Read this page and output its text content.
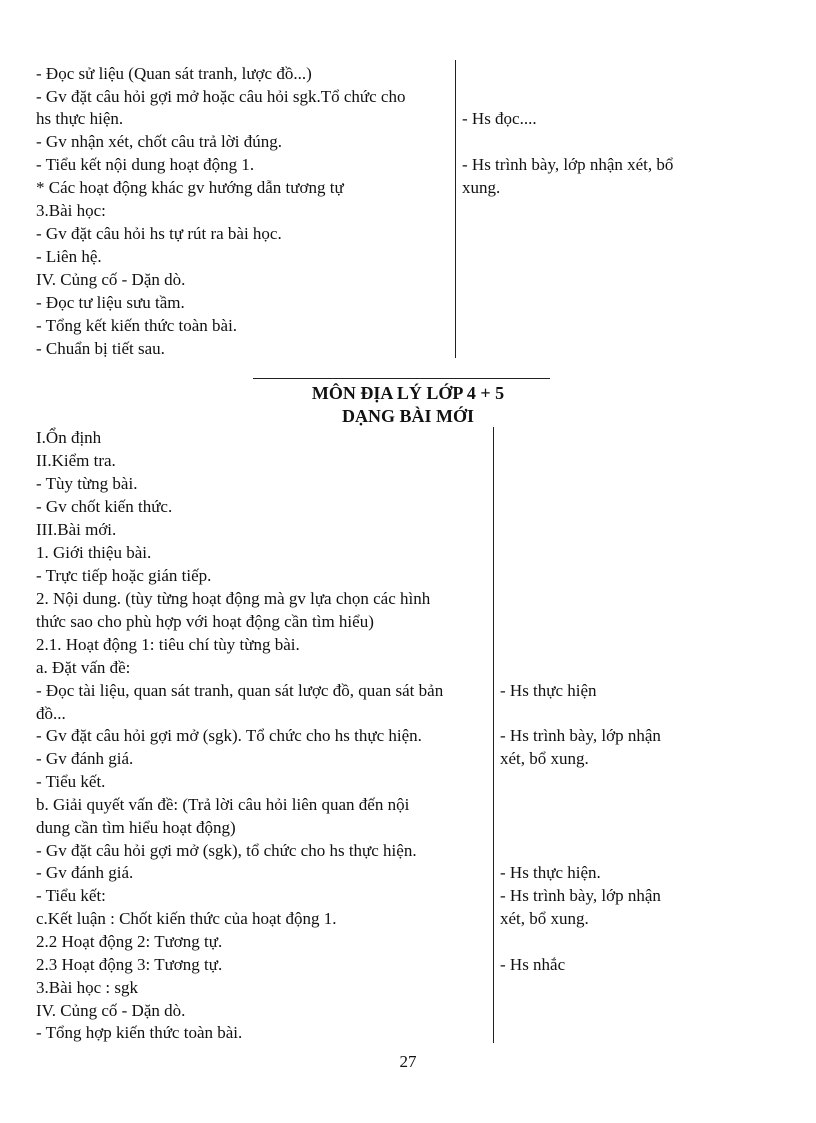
- Đọc sử liệu (Quan sát tranh, lược đồ...)
- Gv đặt câu hỏi gợi mở hoặc câu hỏi sgk.Tổ chức cho
hs thực hiện.
- Gv nhận xét, chốt câu trả lời đúng.
- Tiểu kết nội dung hoạt động 1.
* Các hoạt động khác gv hướng dẫn tương tự
3.Bài học:
- Gv đặt câu hỏi hs tự rút ra bài học.
- Liên hệ.
IV. Củng cố - Dặn dò.
- Đọc tư liệu sưu tầm.
- Tổng kết kiến thức toàn bài.
- Chuẩn bị tiết sau.
- Hs đọc....
- Hs trình bày, lớp nhận xét, bổ
xung.
MÔN ĐỊA LÝ LỚP 4 + 5
DẠNG BÀI MỚI
I.Ổn định
II.Kiểm tra.
- Tùy từng bài.
- Gv chốt kiến thức.
III.Bài mới.
1. Giới thiệu bài.
- Trực tiếp hoặc gián tiếp.
2. Nội dung. (tùy từng hoạt động mà gv lựa chọn các hình
thức sao cho phù hợp với hoạt động cần tìm hiểu)
2.1. Hoạt động 1: tiêu chí tùy từng bài.
a. Đặt vấn đề:
- Đọc tài liệu, quan sát tranh, quan sát lược đồ, quan sát bản
đồ...
- Gv đặt câu hỏi gợi mở (sgk). Tổ chức cho hs thực hiện.
- Gv đánh giá.
- Tiểu kết.
b. Giải quyết vấn đề: (Trả lời câu hỏi liên quan đến nội
dung cần tìm hiểu hoạt động)
- Gv đặt câu hỏi gợi mở (sgk), tổ chức cho hs thực hiện.
- Gv đánh giá.
- Tiểu kết:
c.Kết luận : Chốt kiến thức của hoạt động 1.
2.2 Hoạt động 2: Tương tự.
2.3 Hoạt động 3: Tương tự.
3.Bài học : sgk
IV. Củng cố - Dặn dò.
- Tổng hợp kiến thức toàn bài.
- Hs thực hiện
- Hs trình bày, lớp nhận
xét, bổ xung.
- Hs thực hiện.
- Hs trình bày, lớp nhận
xét, bổ xung.
- Hs nhắc
27
